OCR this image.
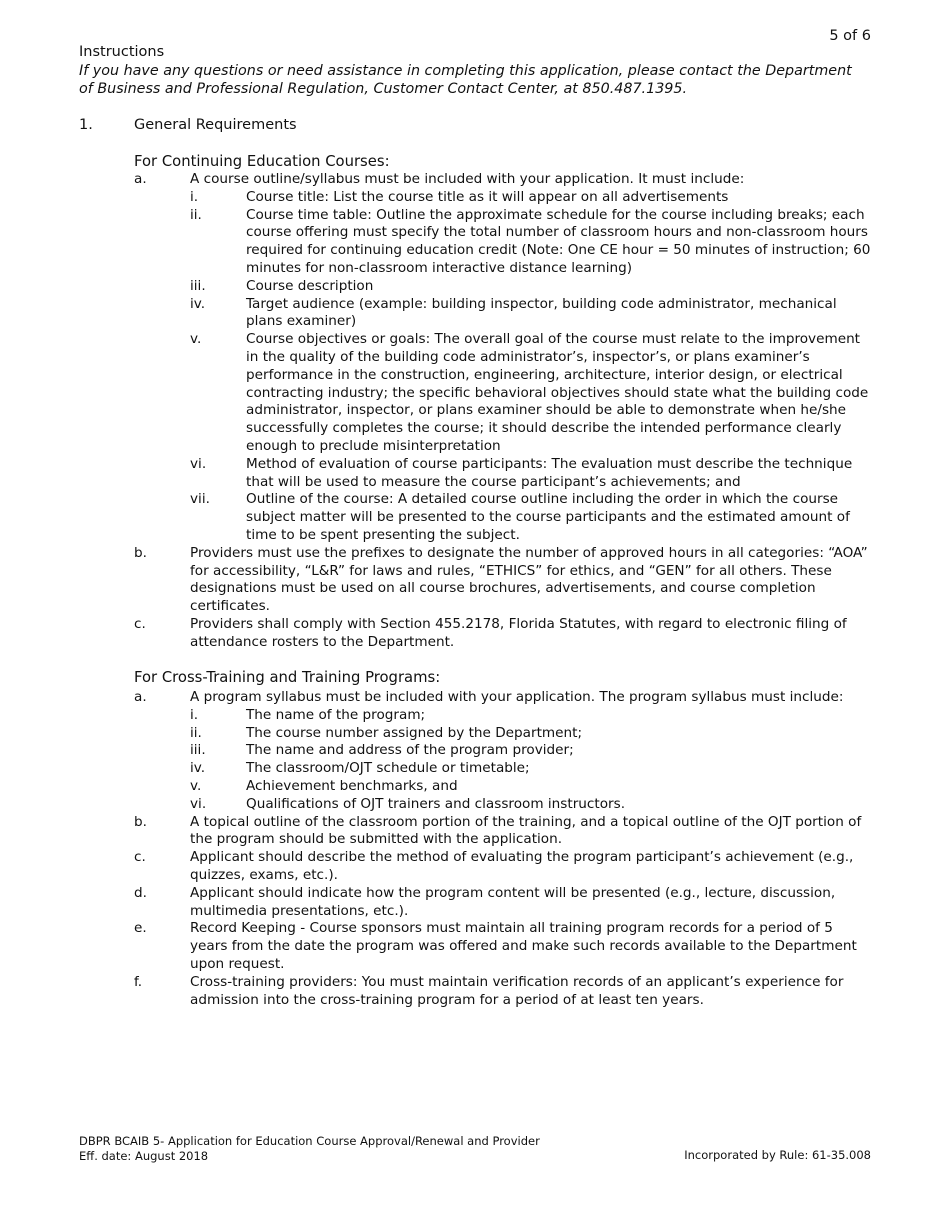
5 of 6
Instructions
If you have any questions or need assistance in completing this application, please contact the Department of Business and Professional Regulation, Customer Contact Center, at 850.487.1395.
1.	General Requirements
For Continuing Education Courses:
a.	A course outline/syllabus must be included with your application. It must include:
i.	Course title: List the course title as it will appear on all advertisements
ii.	Course time table: Outline the approximate schedule for the course including breaks; each course offering must specify the total number of classroom hours and non-classroom hours required for continuing education credit (Note: One CE hour = 50 minutes of instruction; 60 minutes for non-classroom interactive distance learning)
iii.	Course description
iv.	Target audience (example: building inspector, building code administrator, mechanical plans examiner)
v.	Course objectives or goals: The overall goal of the course must relate to the improvement in the quality of the building code administrator’s, inspector’s, or plans examiner’s performance in the construction, engineering, architecture, interior design, or electrical contracting industry; the specific behavioral objectives should state what the building code administrator, inspector, or plans examiner should be able to demonstrate when he/she successfully completes the course; it should describe the intended performance clearly enough to preclude misinterpretation
vi.	Method of evaluation of course participants: The evaluation must describe the technique that will be used to measure the course participant’s achievements; and
vii.	Outline of the course: A detailed course outline including the order in which the course subject matter will be presented to the course participants and the estimated amount of time to be spent presenting the subject.
b.	Providers must use the prefixes to designate the number of approved hours in all categories: “AOA” for accessibility, “L&R” for laws and rules, “ETHICS” for ethics, and “GEN” for all others. These designations must be used on all course brochures, advertisements, and course completion certificates.
c.	Providers shall comply with Section 455.2178, Florida Statutes, with regard to electronic filing of attendance rosters to the Department.
For Cross-Training and Training Programs:
a.	A program syllabus must be included with your application. The program syllabus must include:
i.	The name of the program;
ii.	The course number assigned by the Department;
iii.	The name and address of the program provider;
iv.	The classroom/OJT schedule or timetable;
v.	Achievement benchmarks, and
vi.	Qualifications of OJT trainers and classroom instructors.
b.	A topical outline of the classroom portion of the training, and a topical outline of the OJT portion of the program should be submitted with the application.
c.	Applicant should describe the method of evaluating the program participant’s achievement (e.g., quizzes, exams, etc.).
d.	Applicant should indicate how the program content will be presented (e.g., lecture, discussion, multimedia presentations, etc.).
e.	Record Keeping - Course sponsors must maintain all training program records for a period of 5 years from the date the program was offered and make such records available to the Department upon request.
f.	Cross-training providers: You must maintain verification records of an applicant’s experience for admission into the cross-training program for a period of at least ten years.
DBPR BCAIB 5- Application for Education Course Approval/Renewal and Provider
Eff. date: August 2018	Incorporated by Rule: 61-35.008
